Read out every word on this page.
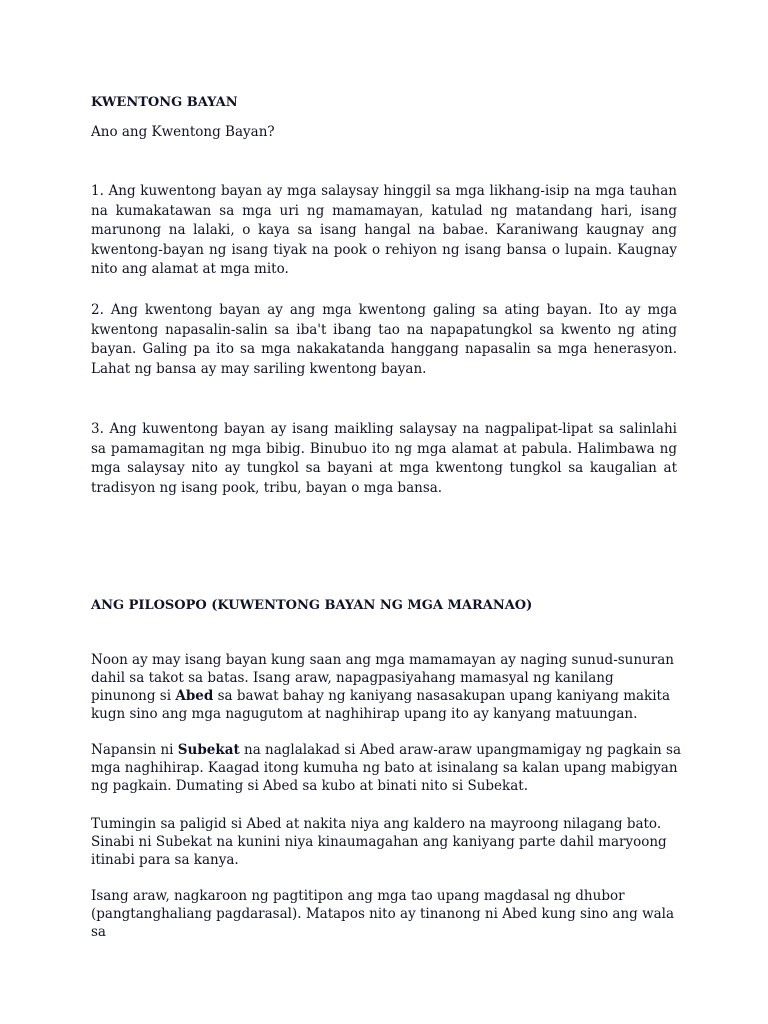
KWENTONG BAYAN
Ano ang Kwentong Bayan?

1. Ang kuwentong bayan ay mga salaysay hinggil sa mga likhang-isip na mga tauhan na kumakatawan sa mga uri ng mamamayan, katulad ng matandang hari, isang marunong na lalaki, o kaya sa isang hangal na babae. Karaniwang kaugnay ang kwentong-bayan ng isang tiyak na pook o rehiyon ng isang bansa o lupain. Kaugnay nito ang alamat at mga mito.

2. Ang kwentong bayan ay ang mga kwentong galing sa ating bayan. Ito ay mga kwentong napasalin-salin sa iba't ibang tao na napapatungkol sa kwento ng ating bayan. Galing pa ito sa mga nakakatanda hanggang napasalin sa mga henerasyon. Lahat ng bansa ay may sariling kwentong bayan.

3. Ang kuwentong bayan ay isang maikling salaysay na nagpalipat-lipat sa salinlahi sa pamamagitan ng mga bibig. Binubuo ito ng mga alamat at pabula. Halimbawa ng mga salaysay nito ay tungkol sa bayani at mga kwentong tungkol sa kaugalian at tradisyon ng isang pook, tribu, bayan o mga bansa.

ANG PILOSOPO (KUWENTONG BAYAN NG MGA MARANAO)

Noon ay may isang bayan kung saan ang mga mamamayan ay naging sunud-sunuran dahil sa takot sa batas. Isang araw, napagpasiyahang mamasyal ng kanilang pinunong si Abed sa bawat bahay ng kaniyang nasasakupan upang kaniyang makita kugn sino ang mga nagugutom at naghihirap upang ito ay kanyang matuungan.

Napansin ni Subekat na naglalakad si Abed araw-araw upangmamigay ng pagkain sa mga naghihirap. Kaagad itong kumuha ng bato at isinalang sa kalan upang mabigyan ng pagkain. Dumating si Abed sa kubo at binati nito si Subekat.

Tumingin sa paligid si Abed at nakita niya ang kaldero na mayroong nilagang bato. Sinabi ni Subekat na kunini niya kinaumagahan ang kaniyang parte dahil maryoong itinabi para sa kanya.

Isang araw, nagkaroon ng pagtitipon ang mga tao upang magdasal ng dhubor (pangtanghaliang pagdarasal). Matapos nito ay tinanong ni Abed kung sino ang wala sa
